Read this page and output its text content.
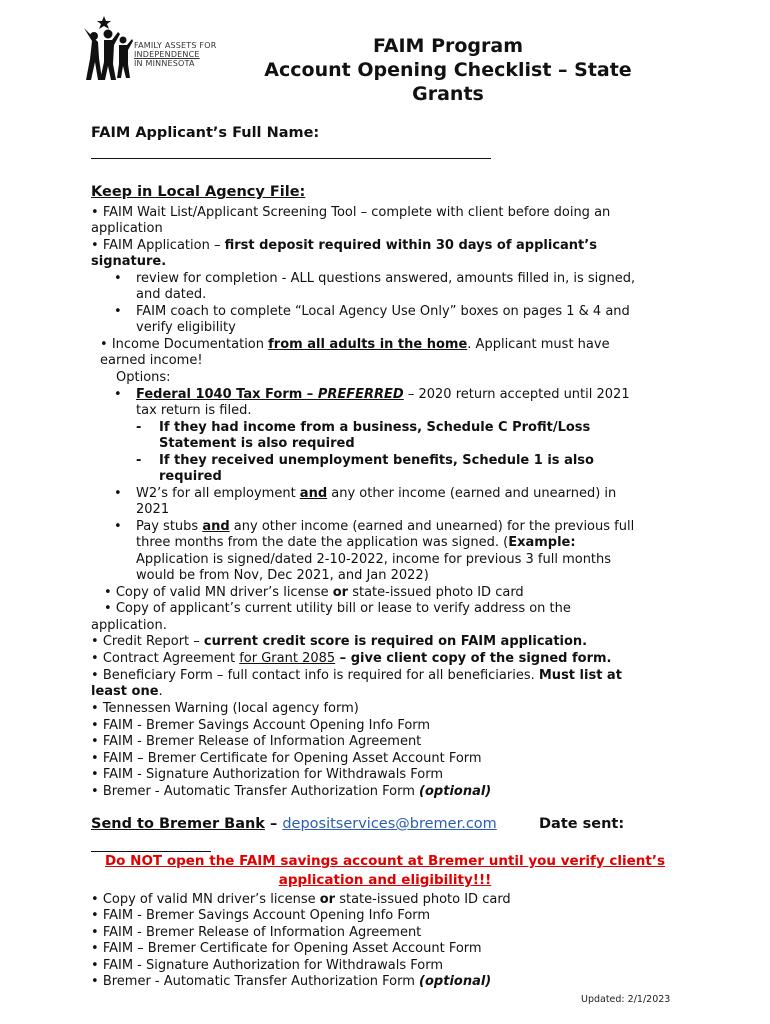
FAMILY ASSETS FOR
INDEPENDENCE
IN MINNESOTA
FAIM Program
Account Opening Checklist – State
Grants
FAIM Applicant’s Full Name:
Keep in Local Agency File:
• FAIM Wait List/Applicant Screening Tool – complete with client before doing an
application
• FAIM Application – first deposit required within 30 days of applicant’s
signature.
• review for completion - ALL questions answered, amounts filled in, is signed,
and dated.
• FAIM coach to complete “Local Agency Use Only” boxes on pages 1 & 4 and
verify eligibility
• Income Documentation from all adults in the home. Applicant must have
earned income!
Options:
• Federal 1040 Tax Form – PREFERRED – 2020 return accepted until 2021
tax return is filed.
- If they had income from a business, Schedule C Profit/Loss
Statement is also required
- If they received unemployment benefits, Schedule 1 is also
required
• W2’s for all employment and any other income (earned and unearned) in
2021
• Pay stubs and any other income (earned and unearned) for the previous full
three months from the date the application was signed. (Example:
Application is signed/dated 2-10-2022, income for previous 3 full months
would be from Nov, Dec 2021, and Jan 2022)
• Copy of valid MN driver’s license or state-issued photo ID card
• Copy of applicant’s current utility bill or lease to verify address on the
application.
• Credit Report – current credit score is required on FAIM application.
• Contract Agreement for Grant 2085 – give client copy of the signed form.
• Beneficiary Form – full contact info is required for all beneficiaries. Must list at
least one.
• Tennessen Warning (local agency form)
• FAIM - Bremer Savings Account Opening Info Form
• FAIM - Bremer Release of Information Agreement
• FAIM – Bremer Certificate for Opening Asset Account Form
• FAIM - Signature Authorization for Withdrawals Form
• Bremer - Automatic Transfer Authorization Form (optional)
Send to Bremer Bank – depositservices@bremer.com	Date sent:
Do NOT open the FAIM savings account at Bremer until you verify client’s
application and eligibility!!!
• Copy of valid MN driver’s license or state-issued photo ID card
• FAIM - Bremer Savings Account Opening Info Form
• FAIM - Bremer Release of Information Agreement
• FAIM – Bremer Certificate for Opening Asset Account Form
• FAIM - Signature Authorization for Withdrawals Form
• Bremer - Automatic Transfer Authorization Form (optional)
Updated: 2/1/2023
